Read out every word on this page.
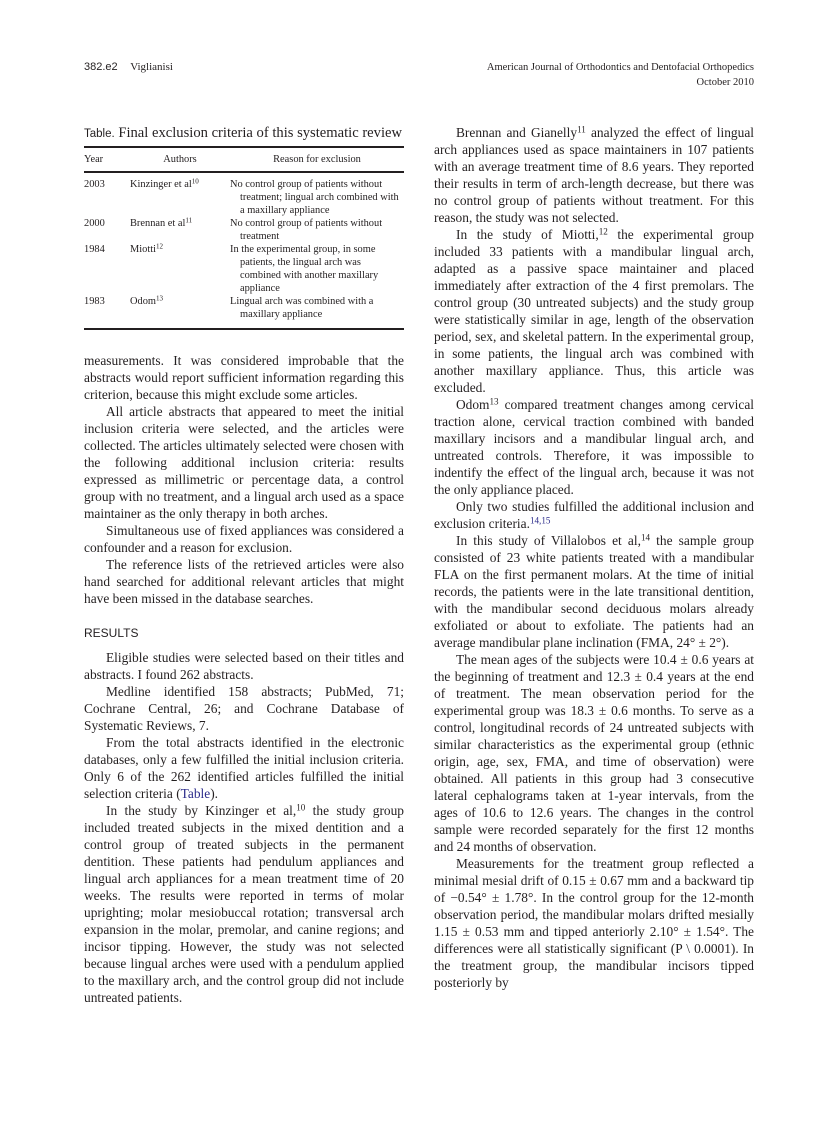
382.e2 Viglianisi	American Journal of Orthodontics and Dentofacial Orthopedics
October 2010
Table. Final exclusion criteria of this systematic review
Year	Authors	Reason for exclusion
2003	Kinzinger et $al^{10}$	No control group of patients without treatment; lingual arch combined with a maxillary appliance

2000	Brennan et $al^{11}$	No control group of patients without treatment

1984	Miotti$^{12}$	In the experimental group, in some patients, the lingual arch was combined with another maxillary appliance

1983	Odom$^{13}$	Lingual arch was combined with a maxillary appliance

measurements. It was considered improbable that the abstracts would report sufficient information regarding this criterion, because this might exclude some articles.

All article abstracts that appeared to meet the initial inclusion criteria were selected, and the articles were collected. The articles ultimately selected were chosen with the following additional inclusion criteria: results expressed as millimetric or percentage data, a control group with no treatment, and a lingual arch used as a space maintainer as the only therapy in both arches.

Simultaneous use of fixed appliances was considered a confounder and a reason for exclusion.

The reference lists of the retrieved articles were also hand searched for additional relevant articles that might have been missed in the database searches.

RESULTS

Eligible studies were selected based on their titles and abstracts. I found 262 abstracts.

Medline identified 158 abstracts; PubMed, 71; Cochrane Central, 26; and Cochrane Database of Systematic Reviews, 7.

From the total abstracts identified in the electronic databases, only a few fulfilled the initial inclusion criteria. Only 6 of the 262 identified articles fulfilled the initial selection criteria (Table).

In the study by Kinzinger et al,$^{10}$ the study group included treated subjects in the mixed dentition and a control group of treated subjects in the permanent dentition. These patients had pendulum appliances and lingual arch appliances for a mean treatment time of 20 weeks. The results were reported in terms of molar uprighting; molar mesiobuccal rotation; transversal arch expansion in the molar, premolar, and canine regions; and incisor tipping. However, the study was not selected because lingual arches were used with a pendulum applied to the maxillary arch, and the control group did not include untreated patients.

Brennan and Gianelly$^{11}$ analyzed the effect of lingual arch appliances used as space maintainers in 107 patients with an average treatment time of 8.6 years. They reported their results in term of arch-length decrease, but there was no control group of patients without treatment. For this reason, the study was not selected.

In the study of Miotti,$^{12}$ the experimental group included 33 patients with a mandibular lingual arch, adapted as a passive space maintainer and placed immediately after extraction of the 4 first premolars. The control group (30 untreated subjects) and the study group were statistically similar in age, length of the observation period, sex, and skeletal pattern. In the experimental group, in some patients, the lingual arch was combined with another maxillary appliance. Thus, this article was excluded.

Odom$^{13}$ compared treatment changes among cervical traction alone, cervical traction combined with banded maxillary incisors and a mandibular lingual arch, and untreated controls. Therefore, it was impossible to indentify the effect of the lingual arch, because it was not the only appliance placed.

Only two studies fulfilled the additional inclusion and exclusion criteria.$^{14,15}$

In this study of Villalobos et al,$^{14}$ the sample group consisted of 23 white patients treated with a mandibular FLA on the first permanent molars. At the time of initial records, the patients were in the late transitional dentition, with the mandibular second deciduous molars already exfoliated or about to exfoliate. The patients had an average mandibular plane inclination (FMA, 24° ± 2°).

The mean ages of the subjects were 10.4 ± 0.6 years at the beginning of treatment and 12.3 ± 0.4 years at the end of treatment. The mean observation period for the experimental group was 18.3 ± 0.6 months. To serve as a control, longitudinal records of 24 untreated subjects with similar characteristics as the experimental group (ethnic origin, age, sex, FMA, and time of observation) were obtained. All patients in this group had 3 consecutive lateral cephalograms taken at 1-year intervals, from the ages of 10.6 to 12.6 years. The changes in the control sample were recorded separately for the first 12 months and 24 months of observation.

Measurements for the treatment group reflected a minimal mesial drift of 0.15 ± 0.67 mm and a backward tip of −0.54° ± 1.78°. In the control group for the 12-month observation period, the mandibular molars drifted mesially 1.15 ± 0.53 mm and tipped anteriorly 2.10° ± 1.54°. The differences were all statistically significant (P \ 0.0001). In the treatment group, the mandibular incisors tipped posteriorly by
